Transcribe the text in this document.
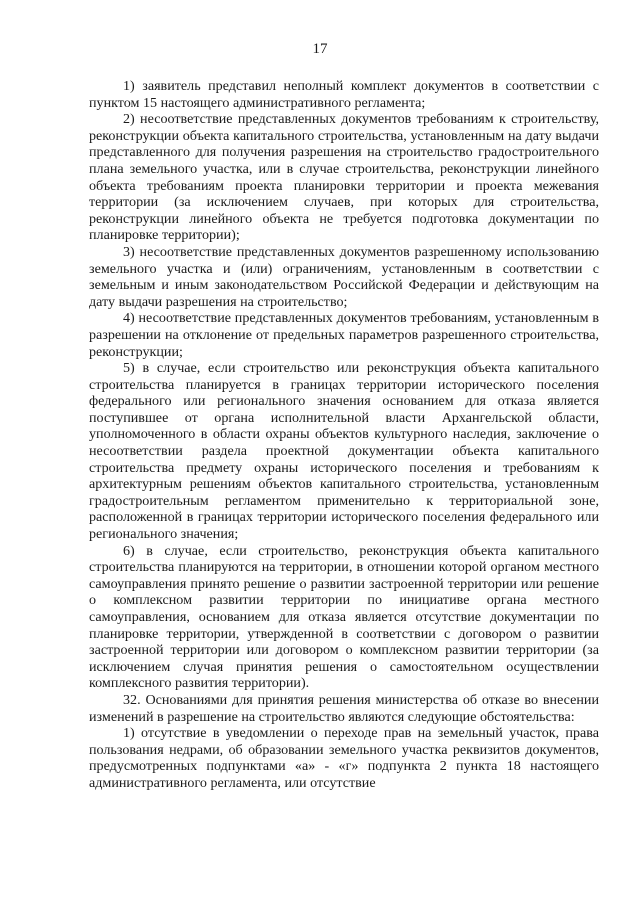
17

1) заявитель представил неполный комплект документов в соответствии с пунктом 15 настоящего административного регламента;

2) несоответствие представленных документов требованиям к строительству, реконструкции объекта капитального строительства, установленным на дату выдачи представленного для получения разрешения на строительство градостроительного плана земельного участка, или в случае строительства, реконструкции линейного объекта требованиям проекта планировки территории и проекта межевания территории (за исключением случаев, при которых для строительства, реконструкции линейного объекта не требуется подготовка документации по планировке территории);

3) несоответствие представленных документов разрешенному использованию земельного участка и (или) ограничениям, установленным в соответствии с земельным и иным законодательством Российской Федерации и действующим на дату выдачи разрешения на строительство;

4) несоответствие представленных документов требованиям, установленным в разрешении на отклонение от предельных параметров разрешенного строительства, реконструкции;

5) в случае, если строительство или реконструкция объекта капитального строительства планируется в границах территории исторического поселения федерального или регионального значения основанием для отказа является поступившее от органа исполнительной власти Архангельской области, уполномоченного в области охраны объектов культурного наследия, заключение о несоответствии раздела проектной документации объекта капитального строительства предмету охраны исторического поселения и требованиям к архитектурным решениям объектов капитального строительства, установленным градостроительным регламентом применительно к территориальной зоне, расположенной в границах территории исторического поселения федерального или регионального значения;

6) в случае, если строительство, реконструкция объекта капитального строительства планируются на территории, в отношении которой органом местного самоуправления принято решение о развитии застроенной территории или решение о комплексном развитии территории по инициативе органа местного самоуправления, основанием для отказа является отсутствие документации по планировке территории, утвержденной в соответствии с договором о развитии застроенной территории или договором о комплексном развитии территории (за исключением случая принятия решения о самостоятельном осуществлении комплексного развития территории).

32. Основаниями для принятия решения министерства об отказе во внесении изменений в разрешение на строительство являются следующие обстоятельства:

1) отсутствие в уведомлении о переходе прав на земельный участок, права пользования недрами, об образовании земельного участка реквизитов документов, предусмотренных подпунктами «а» - «г» подпункта 2 пункта 18 настоящего административного регламента, или отсутствие
